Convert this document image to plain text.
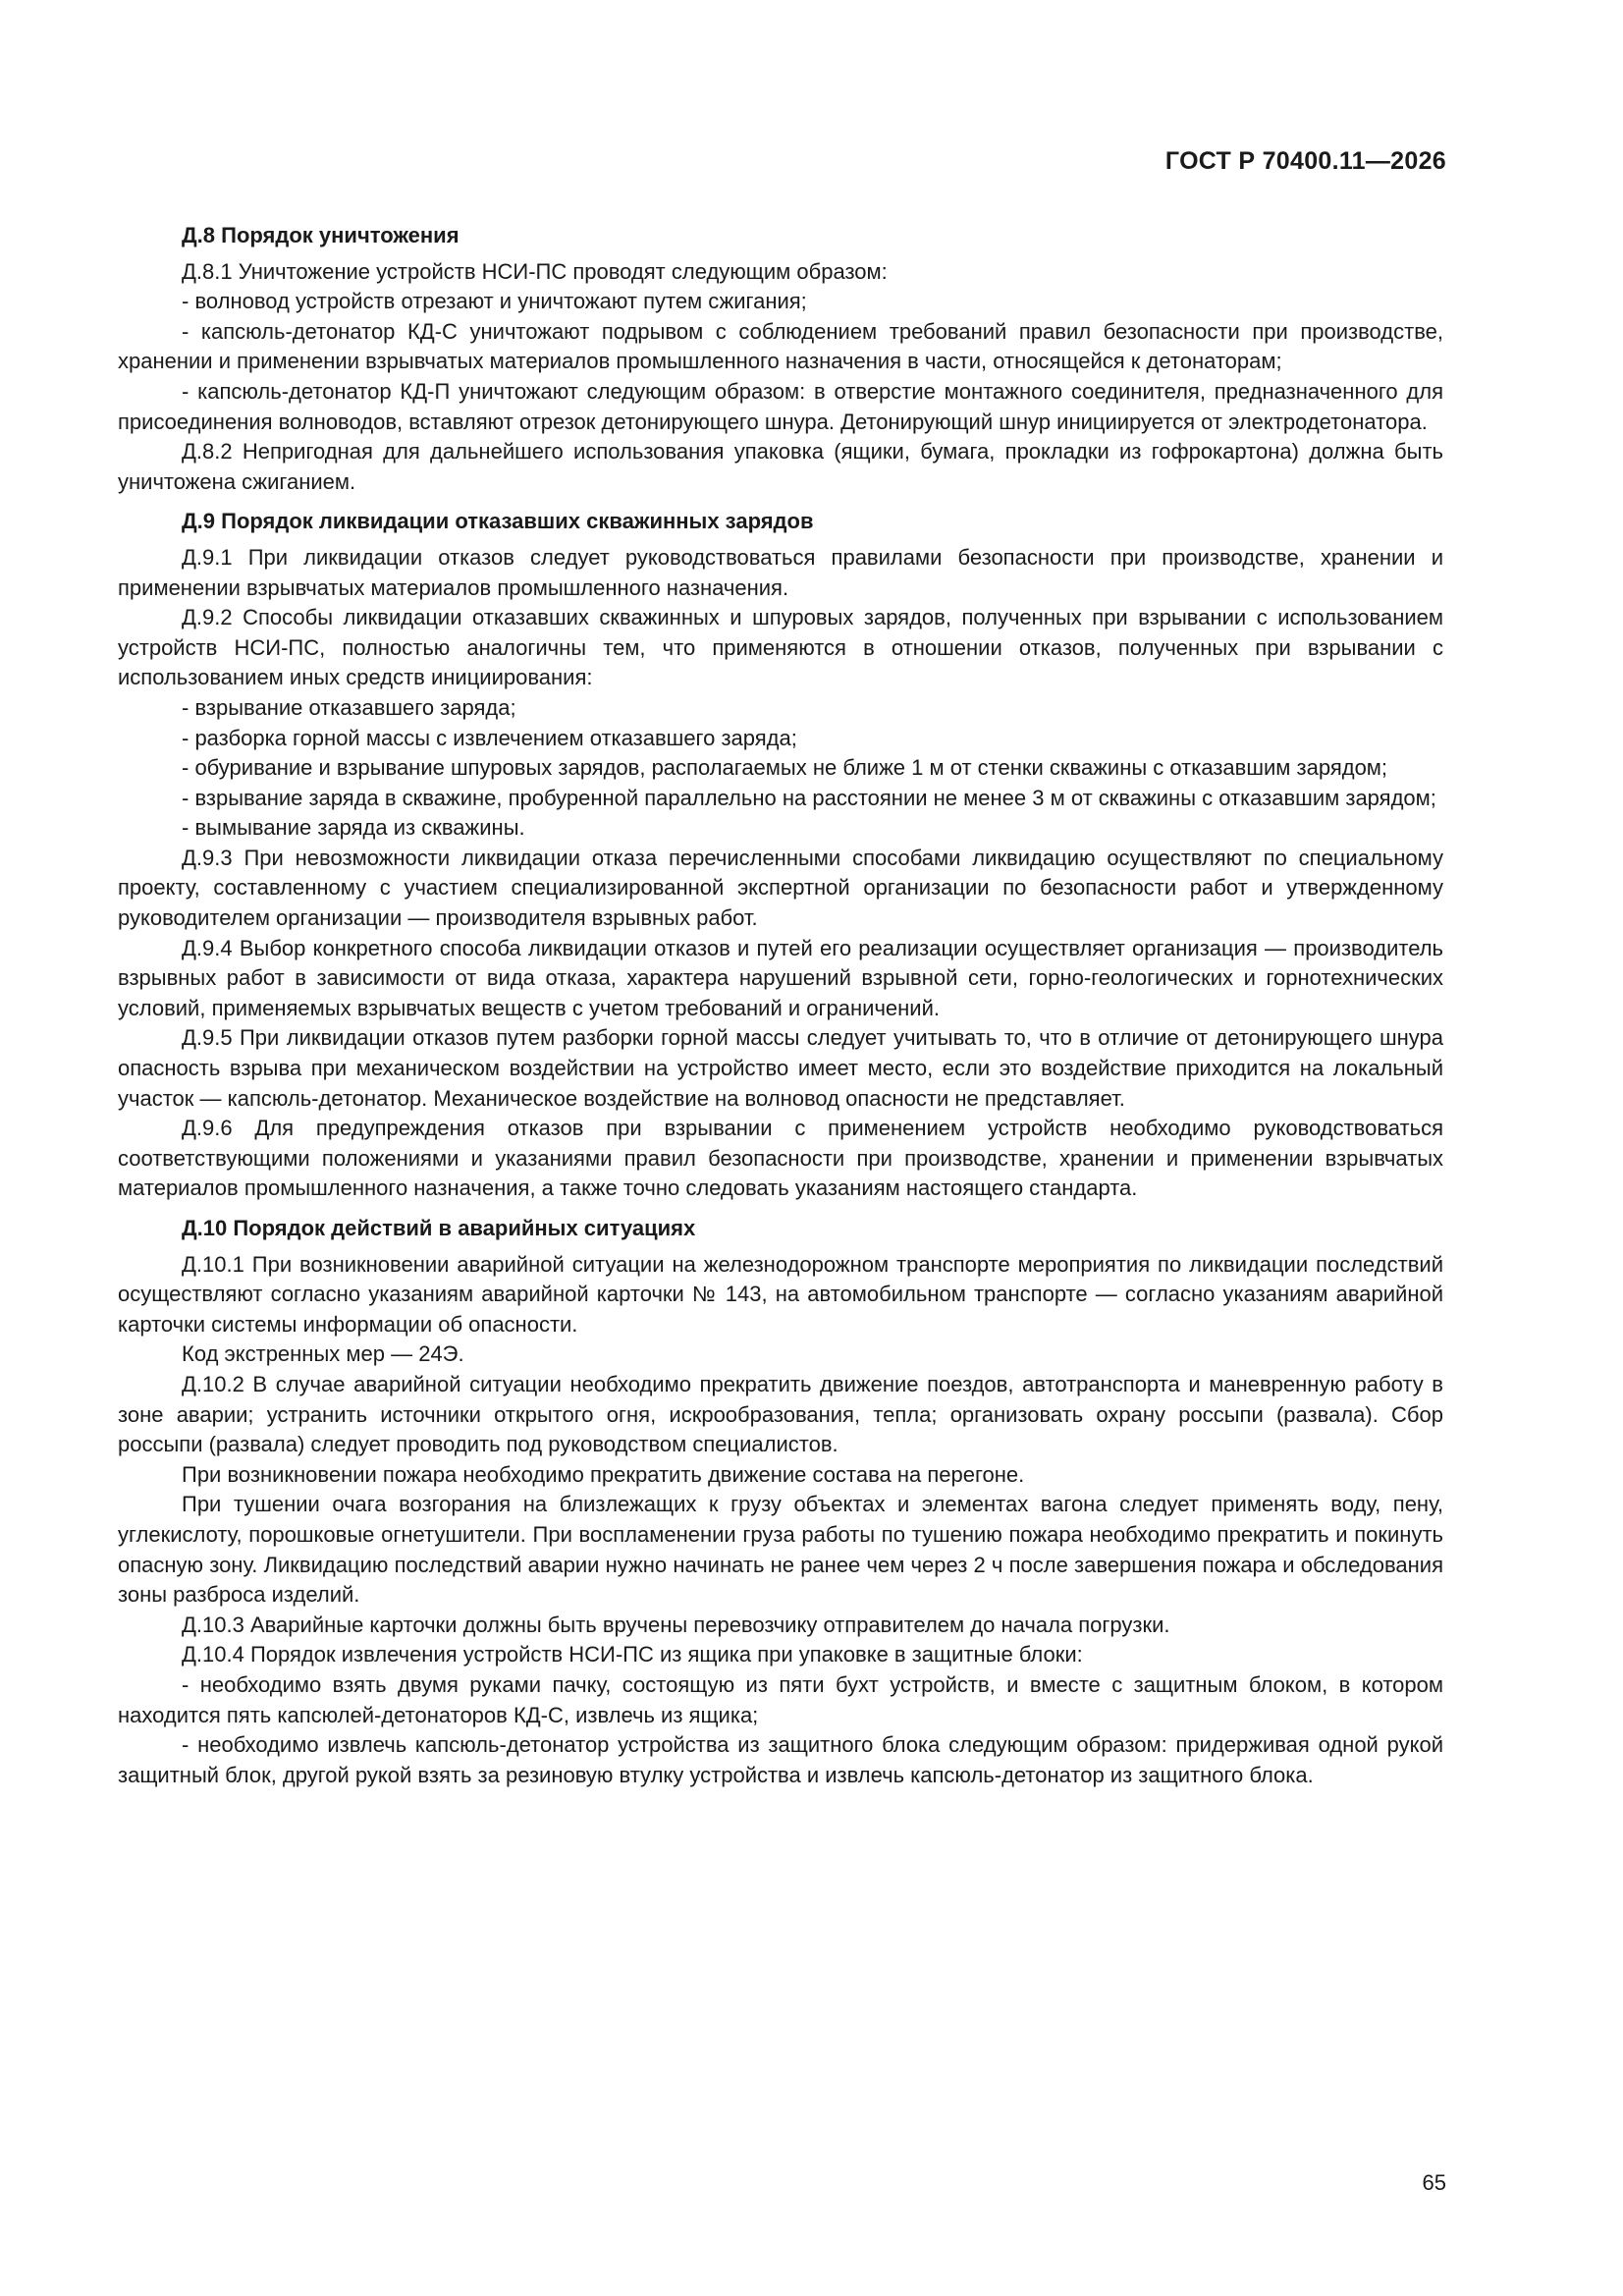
ГОСТ Р 70400.11—2026

Д.8 Порядок уничтожения

Д.8.1 Уничтожение устройств НСИ-ПС проводят следующим образом:

- волновод устройств отрезают и уничтожают путем сжигания;

- капсюль-детонатор КД-С уничтожают подрывом с соблюдением требований правил безопасности при производстве, хранении и применении взрывчатых материалов промышленного назначения в части, относящейся к детонаторам;

- капсюль-детонатор КД-П уничтожают следующим образом: в отверстие монтажного соединителя, предназначенного для присоединения волноводов, вставляют отрезок детонирующего шнура. Детонирующий шнур инициируется от электродетонатора.

Д.8.2 Непригодная для дальнейшего использования упаковка (ящики, бумага, прокладки из гофрокартона) должна быть уничтожена сжиганием.

Д.9 Порядок ликвидации отказавших скважинных зарядов

Д.9.1 При ликвидации отказов следует руководствоваться правилами безопасности при производстве, хранении и применении взрывчатых материалов промышленного назначения.

Д.9.2 Способы ликвидации отказавших скважинных и шпуровых зарядов, полученных при взрывании с использованием устройств НСИ-ПС, полностью аналогичны тем, что применяются в отношении отказов, полученных при взрывании с использованием иных средств инициирования:

- взрывание отказавшего заряда;

- разборка горной массы с извлечением отказавшего заряда;

- обуривание и взрывание шпуровых зарядов, располагаемых не ближе 1 м от стенки скважины с отказавшим зарядом;

- взрывание заряда в скважине, пробуренной параллельно на расстоянии не менее 3 м от скважины с отказавшим зарядом;

- вымывание заряда из скважины.

Д.9.3 При невозможности ликвидации отказа перечисленными способами ликвидацию осуществляют по специальному проекту, составленному с участием специализированной экспертной организации по безопасности работ и утвержденному руководителем организации — производителя взрывных работ.

Д.9.4 Выбор конкретного способа ликвидации отказов и путей его реализации осуществляет организация — производитель взрывных работ в зависимости от вида отказа, характера нарушений взрывной сети, горно-геологических и горнотехнических условий, применяемых взрывчатых веществ с учетом требований и ограничений.

Д.9.5 При ликвидации отказов путем разборки горной массы следует учитывать то, что в отличие от детонирующего шнура опасность взрыва при механическом воздействии на устройство имеет место, если это воздействие приходится на локальный участок — капсюль-детонатор. Механическое воздействие на волновод опасности не представляет.

Д.9.6 Для предупреждения отказов при взрывании с применением устройств необходимо руководствоваться соответствующими положениями и указаниями правил безопасности при производстве, хранении и применении взрывчатых материалов промышленного назначения, а также точно следовать указаниям настоящего стандарта.

Д.10 Порядок действий в аварийных ситуациях

Д.10.1 При возникновении аварийной ситуации на железнодорожном транспорте мероприятия по ликвидации последствий осуществляют согласно указаниям аварийной карточки № 143, на автомобильном транспорте — согласно указаниям аварийной карточки системы информации об опасности.

Код экстренных мер — 24Э.

Д.10.2 В случае аварийной ситуации необходимо прекратить движение поездов, автотранспорта и маневренную работу в зоне аварии; устранить источники открытого огня, искрообразования, тепла; организовать охрану россыпи (развала). Сбор россыпи (развала) следует проводить под руководством специалистов.

При возникновении пожара необходимо прекратить движение состава на перегоне.

При тушении очага возгорания на близлежащих к грузу объектах и элементах вагона следует применять воду, пену, углекислоту, порошковые огнетушители. При воспламенении груза работы по тушению пожара необходимо прекратить и покинуть опасную зону. Ликвидацию последствий аварии нужно начинать не ранее чем через 2 ч после завершения пожара и обследования зоны разброса изделий.

Д.10.3 Аварийные карточки должны быть вручены перевозчику отправителем до начала погрузки.

Д.10.4 Порядок извлечения устройств НСИ-ПС из ящика при упаковке в защитные блоки:

- необходимо взять двумя руками пачку, состоящую из пяти бухт устройств, и вместе с защитным блоком, в котором находится пять капсюлей-детонаторов КД-С, извлечь из ящика;

- необходимо извлечь капсюль-детонатор устройства из защитного блока следующим образом: придерживая одной рукой защитный блок, другой рукой взять за резиновую втулку устройства и извлечь капсюль-детонатор из защитного блока.

65
